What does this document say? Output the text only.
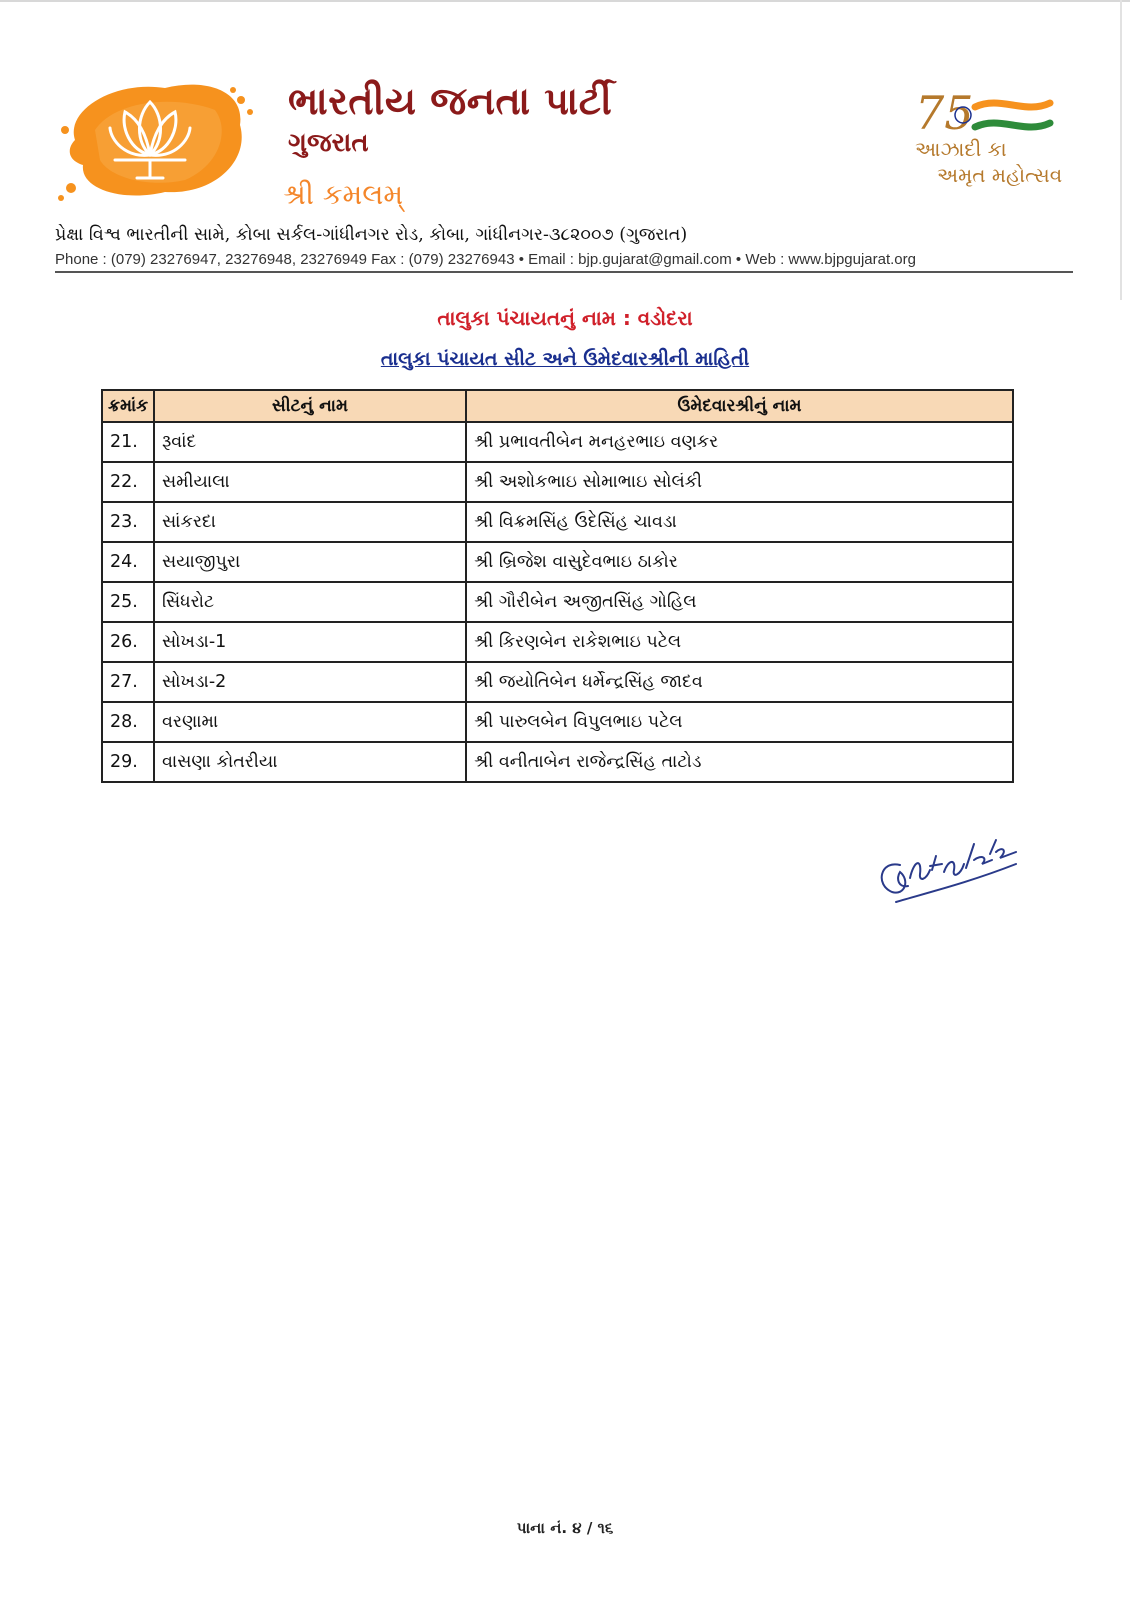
ભારતીય જનતા પાર્ટી
ગુજરાત
શ્રી કમલમ્
75
આઝાદી કા
અમૃત મહોત્સવ
પ્રેક્ષા વિશ્વ ભારતીની સામે, કોબા સર્કલ-ગાંધીનગર રોડ, કોબા, ગાંધીનગર-૩૮૨૦૦૭ (ગુજરાત)
Phone : (079) 23276947, 23276948, 23276949 Fax : (079) 23276943 • Email : bjp.gujarat@gmail.com • Web : www.bjpgujarat.org
તાલુકા પંચાયતનું નામ : વડોદરા
તાલુકા પંચાયત સીટ અને ઉમેદવારશ્રીની માહિતી
ક્રમાંક	સીટનું નામ	ઉમેદવારશ્રીનું નામ
21.	રૂવાંદ	શ્રી પ્રભાવતીબેન મનહરભાઇ વણકર
22.	સમીયાલા	શ્રી અશોકભાઇ સોમાભાઇ સોલંકી
23.	સાંકરદા	શ્રી વિક્રમસિંહ ઉદેસિંહ ચાવડા
24.	સયાજીપુરા	શ્રી બ્રિજેશ વાસુદેવભાઇ ઠાકોર
25.	સિંધરોટ	શ્રી ગૌરીબેન અજીતસિંહ ગોહિલ
26.	સોખડા-1	શ્રી કિરણબેન રાકેશભાઇ પટેલ
27.	સોખડા-2	શ્રી જયોતિબેન ધર્મેન્દ્રસિંહ જાદવ
28.	વરણામા	શ્રી પારુલબેન વિપુલભાઇ પટેલ
29.	વાસણા કોતરીયા	શ્રી વનીતાબેન રાજેન્દ્રસિંહ તાટોડ
પાના નં. ૪ / ૧૬
